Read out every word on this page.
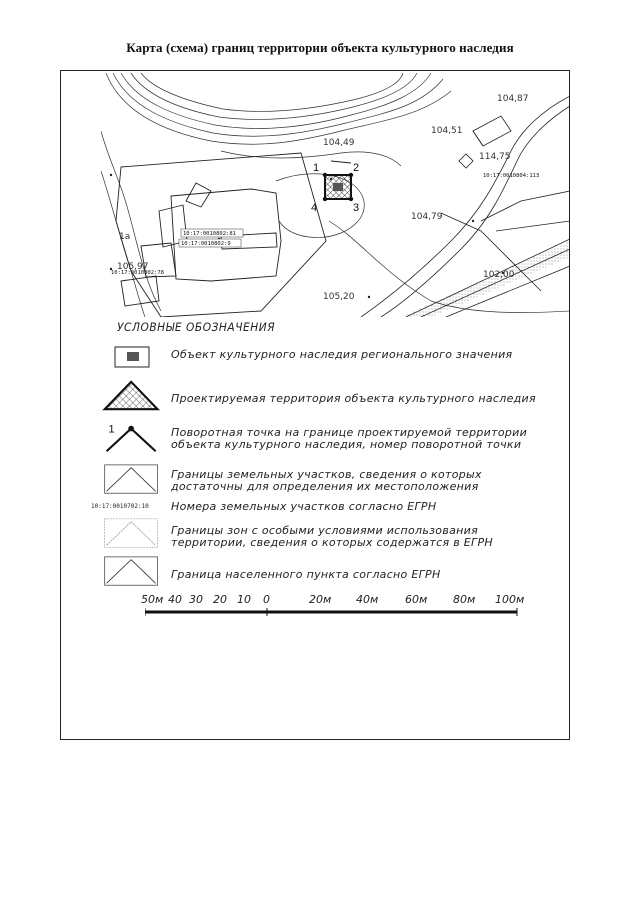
Карта (схема) границ территории объекта культурного наследия
1	2
3
4
10:17:0010802:81
10:17:0010802:9
10:17:0010802:78
10:17:0010804:113
104,87
114,75
104,79
105,97
102,00
105,20
104,49
104,51
1а
УСЛОВНЫЕ ОБОЗНАЧЕНИЯ
Объект культурного наследия регионального значения
Проектируемая территория объекта культурного наследия
1	Поворотная точка на границе проектируемой территории
объекта культурного наследия, номер поворотной точки
Границы земельных участков, сведения о которых
достаточны для определения их местоположения
10:17:0010702:10 Номера земельных участков согласно ЕГРН
Границы зон с особыми условиями использования
территории, сведения о которых содержатся в ЕГРН
Граница населенного пункта согласно ЕГРН
50м 40 30 20 10 0	20м 40м 60м 80м 100м
